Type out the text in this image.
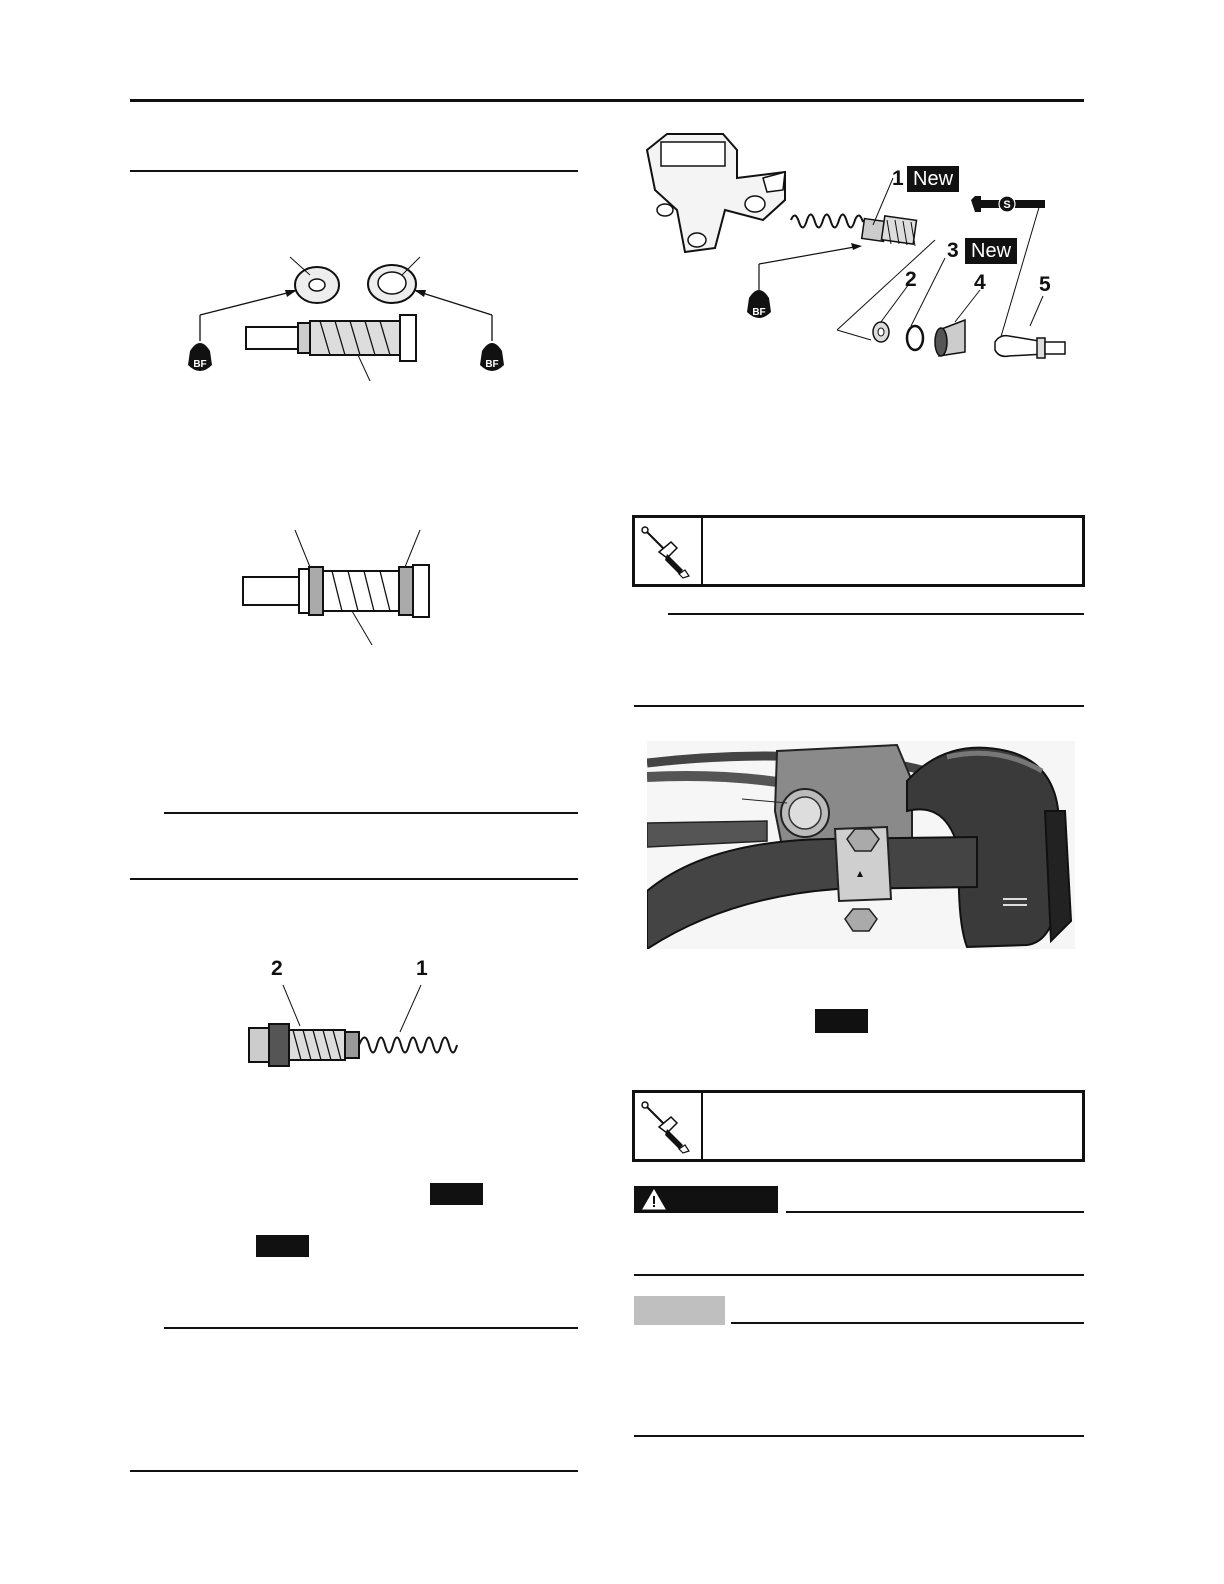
BF	BF
2	1
BF
S
1 New
3 New
2	4	5
